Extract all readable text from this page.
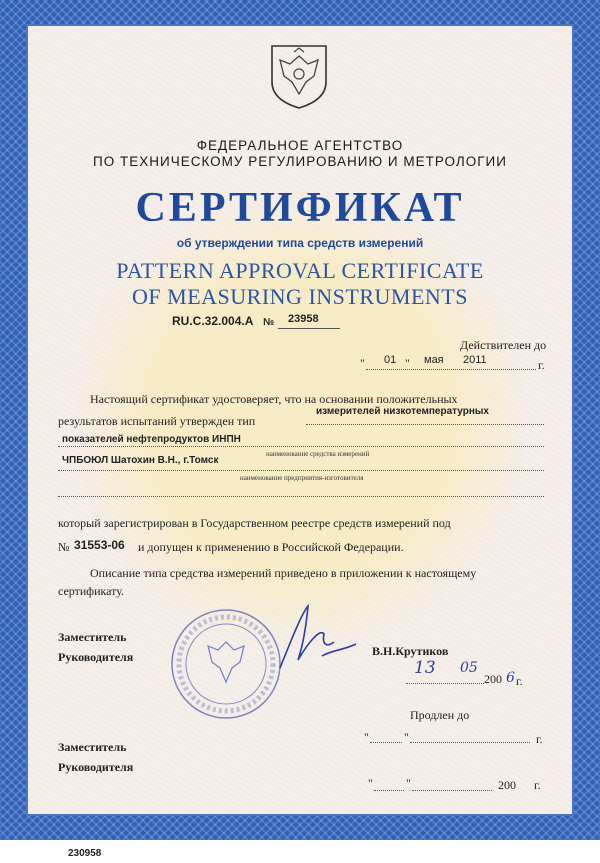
230958
ФЕДЕРАЛЬНОЕ АГЕНТСТВО
ПО ТЕХНИЧЕСКОМУ РЕГУЛИРОВАНИЮ И МЕТРОЛОГИИ
СЕРТИФИКАТ
об утверждении типа средств измерений
PATTERN APPROVAL CERTIFICATE
OF MEASURING INSTRUMENTS
RU.C.32.004.A № 23958
Действителен до
" 01 " мая 2011	г.
Настоящий сертификат удостоверяет, что на основании положительных
результатов испытаний утвержден тип
измерителей низкотемпературных
показателей нефтепродуктов ИНПН
наименование средства измерений
ЧПБОЮЛ Шатохин В.Н., г.Томск
наименование предприятия-изготовителя
который зарегистрирован в Государственном реестре средств измерений под
№ 31553-06 и допущен к применению в Российской Федерации.
Описание типа средства измерений приведено в приложении к настоящему
сертификату.
Заместитель
Руководителя	В.Н.Крутиков
13 05
200 6 г.
Продлен до
"	"	г.
Заместитель
Руководителя
"	"	200 г.
